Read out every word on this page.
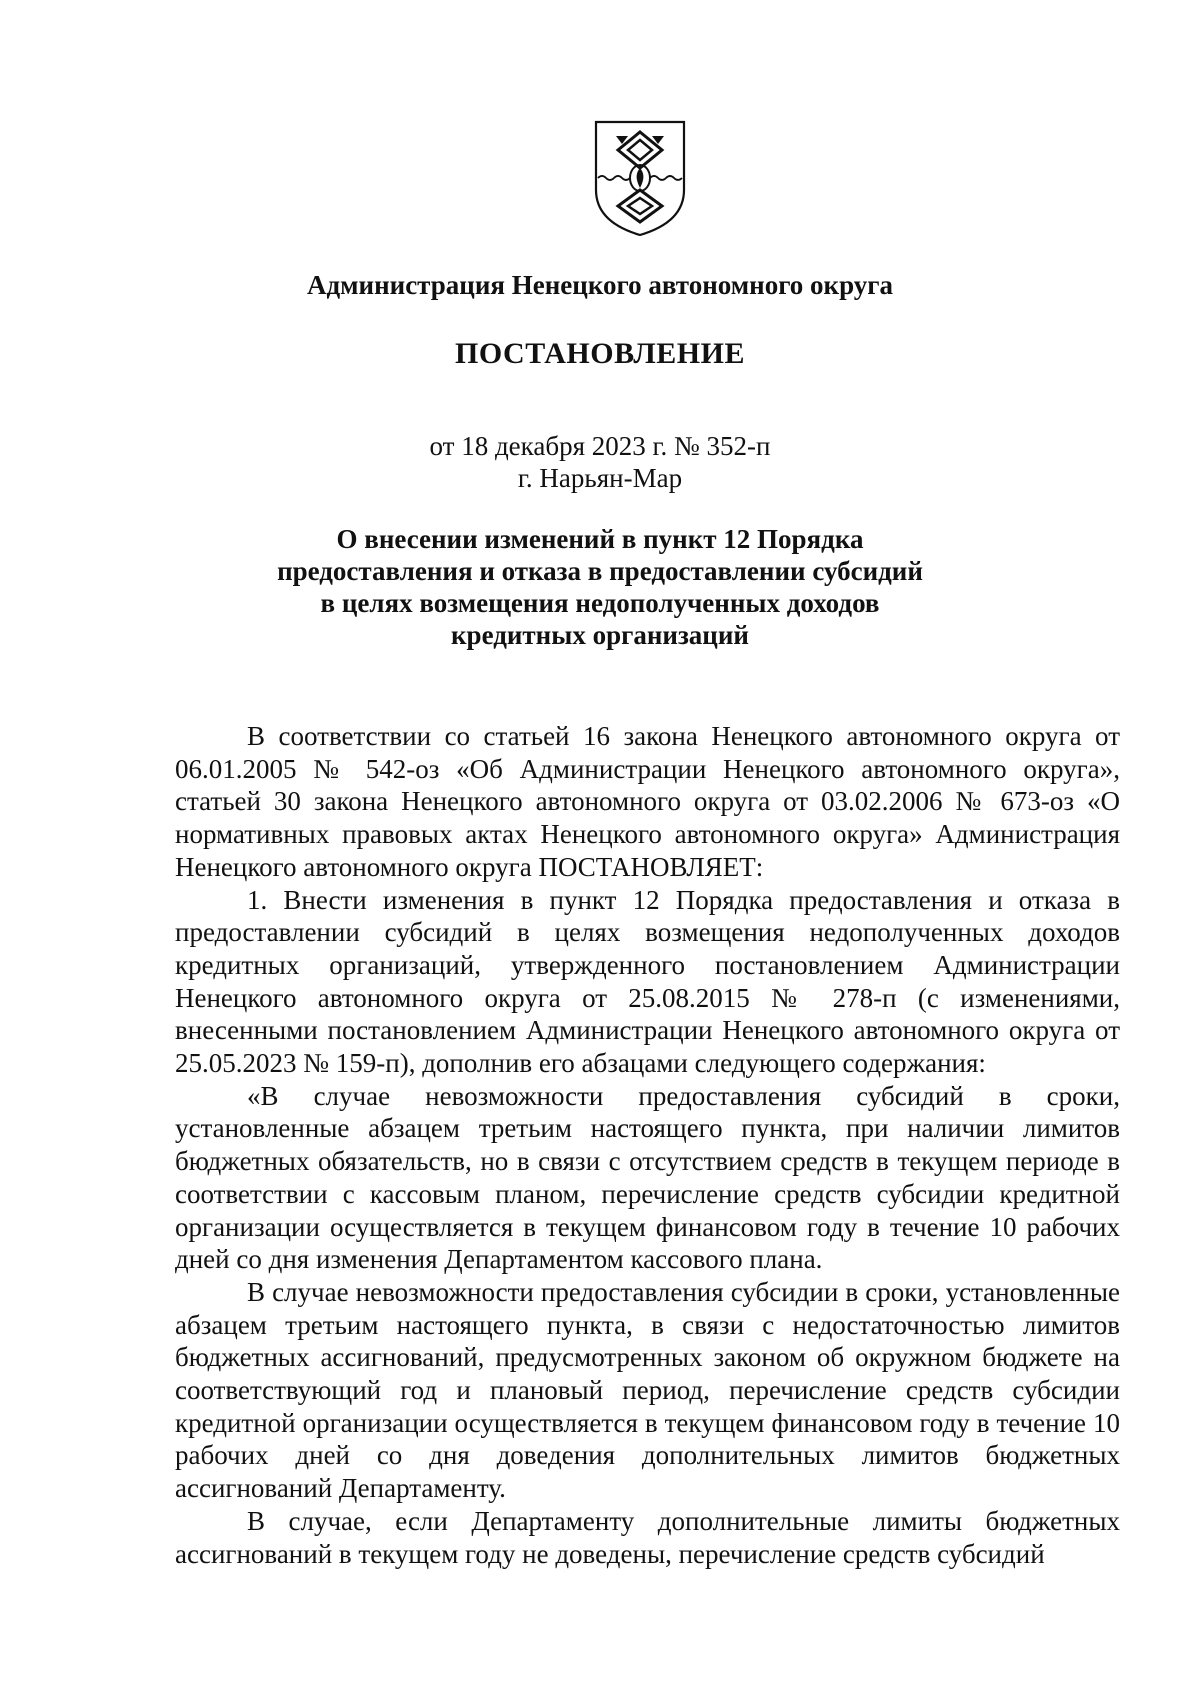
Администрация Ненецкого автономного округа
ПОСТАНОВЛЕНИЕ
от 18 декабря 2023 г. № 352-п
г. Нарьян-Мар
О внесении изменений в пункт 12 Порядка
предоставления и отказа в предоставлении субсидий
в целях возмещения недополученных доходов
кредитных организаций

В соответствии со статьей 16 закона Ненецкого автономного округа от 06.01.2005 № 542-оз «Об Администрации Ненецкого автономного округа», статьей 30 закона Ненецкого автономного округа от 03.02.2006 № 673-оз «О нормативных правовых актах Ненецкого автономного округа» Администрация Ненецкого автономного округа ПОСТАНОВЛЯЕТ:

1. Внести изменения в пункт 12 Порядка предоставления и отказа в предоставлении субсидий в целях возмещения недополученных доходов кредитных организаций, утвержденного постановлением Администрации Ненецкого автономного округа от 25.08.2015 № 278-п (с изменениями, внесенными постановлением Администрации Ненецкого автономного округа от 25.05.2023 № 159-п), дополнив его абзацами следующего содержания:

«В случае невозможности предоставления субсидий в сроки, установленные абзацем третьим настоящего пункта, при наличии лимитов бюджетных обязательств, но в связи с отсутствием средств в текущем периоде в соответствии с кассовым планом, перечисление средств субсидии кредитной организации осуществляется в текущем финансовом году в течение 10 рабочих дней со дня изменения Департаментом кассового плана.

В случае невозможности предоставления субсидии в сроки, установленные абзацем третьим настоящего пункта, в связи с недостаточностью лимитов бюджетных ассигнований, предусмотренных законом об окружном бюджете на соответствующий год и плановый период, перечисление средств субсидии кредитной организации осуществляется в текущем финансовом году в течение 10 рабочих дней со дня доведения дополнительных лимитов бюджетных ассигнований Департаменту.

В случае, если Департаменту дополнительные лимиты бюджетных ассигнований в текущем году не доведены, перечисление средств субсидий
